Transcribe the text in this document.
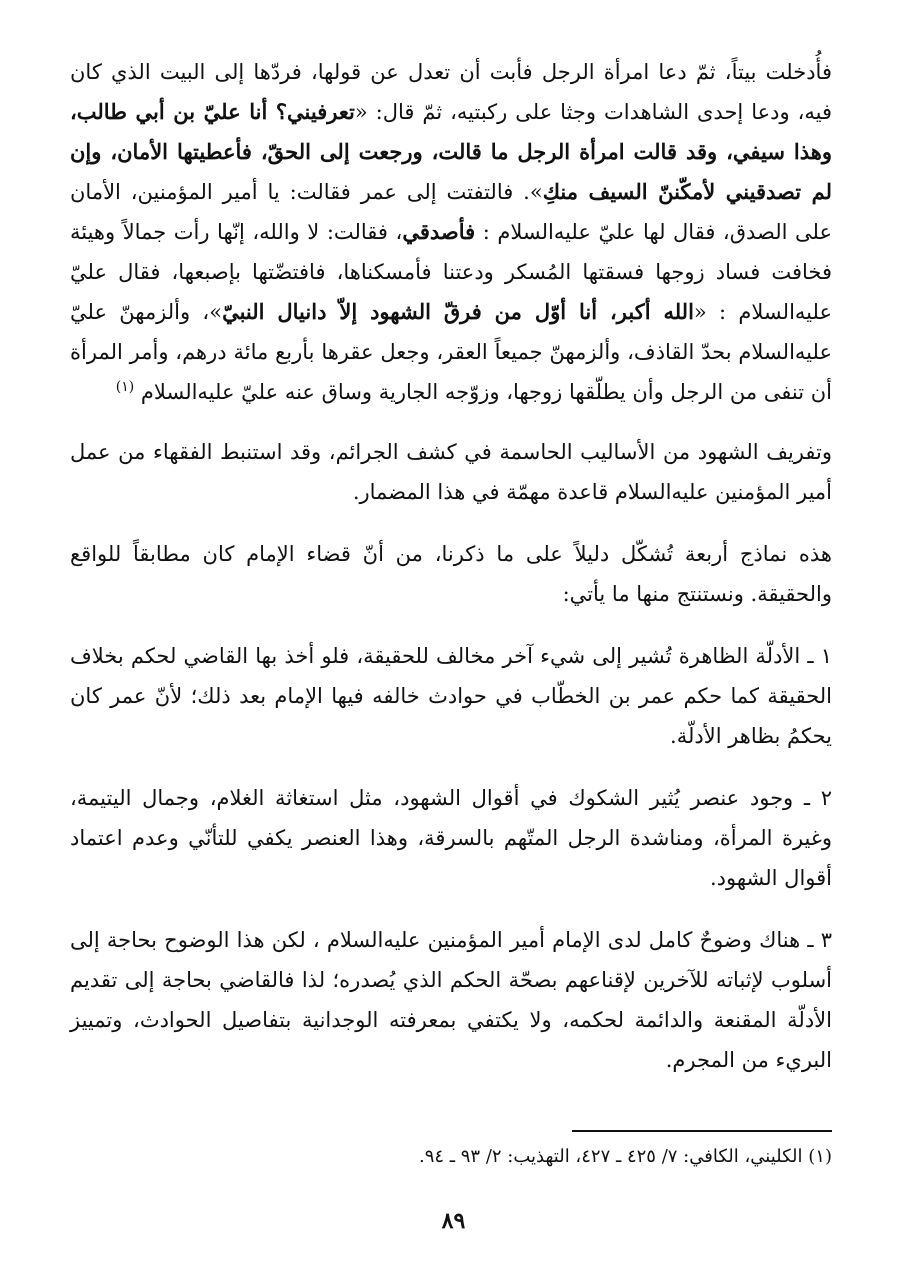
فأُدخلت بيتاً، ثمّ دعا امرأة الرجل فأبت أن تعدل عن قولها، فردّها إلى البيت الذي كان فيه، ودعا إحدى الشاهدات وجثا على ركبتيه، ثمّ قال: «

تعرفيني؟ أنا عليّ بن أبي طالب، وهذا سيفي، وقد قالت امرأة الرجل ما قالت، ورجعت إلى الحقّ، فأعطيتها الأمان، وإن لم تصدقيني لأمكّننّ السيف منكِ

». فالتفتت إلى عمر فقالت: يا أمير المؤمنين، الأمان على الصدق، فقال لها عليّ عليه‌السلام :

فأصدقي

، فقالت: لا والله، إنّها رأت جمالاً وهيئة فخافت فساد زوجها فسقتها المُسكر ودعتنا فأمسكناها، فافتضّتها بإصبعها، فقال عليّ عليه‌السلام : «

الله أكبر، أنا أوّل من فرقّ الشهود إلاّ دانيال النبيّ

»، وألزمهنّ عليّ عليه‌السلام بحدّ القاذف، وألزمهنّ جميعاً العقر، وجعل عقرها بأربع مائة درهم، وأمر المرأة أن تنفى من الرجل وأن يطلّقها زوجها، وزوّجه الجارية وساق عنه عليّ عليه‌السلام

$^{(١)}$

وتفريف الشهود من الأساليب الحاسمة في كشف الجرائم، وقد استنبط الفقهاء من عمل أمير المؤمنين عليه‌السلام قاعدة مهمّة في هذا المضمار.

هذه نماذج أربعة تُشكّل دليلاً على ما ذكرنا، من أنّ قضاء الإمام كان مطابقاً للواقع والحقيقة. ونستنتج منها ما يأتي:

١ ـ الأدلّة الظاهرة تُشير إلى شيء آخر مخالف للحقيقة، فلو أخذ بها القاضي لحكم بخلاف الحقيقة كما حكم عمر بن الخطّاب في حوادث خالفه فيها الإمام بعد ذلك؛ لأنّ عمر كان يحكمُ بظاهر الأدلّة.

٢ ـ وجود عنصر يُثير الشكوك في أقوال الشهود، مثل استغاثة الغلام، وجمال اليتيمة، وغيرة المرأة، ومناشدة الرجل المتّهم بالسرقة، وهذا العنصر يكفي للتأنّي وعدم اعتماد أقوال الشهود.

٣ ـ هناك وضوحٌ كامل لدى الإمام أمير المؤمنين عليه‌السلام ، لكن هذا الوضوح بحاجة إلى أسلوب لإثباته للآخرين لإقناعهم بصحّة الحكم الذي يُصدره؛ لذا فالقاضي بحاجة إلى تقديم الأدلّة المقنعة والدائمة لحكمه، ولا يكتفي بمعرفته الوجدانية بتفاصيل الحوادث، وتمييز البريء من المجرم.

(١) الكليني، الكافي: ٧/ ٤٢٥ ـ ٤٢٧، التهذيب: ٢/ ٩٣ ـ ٩٤.
٨٩
